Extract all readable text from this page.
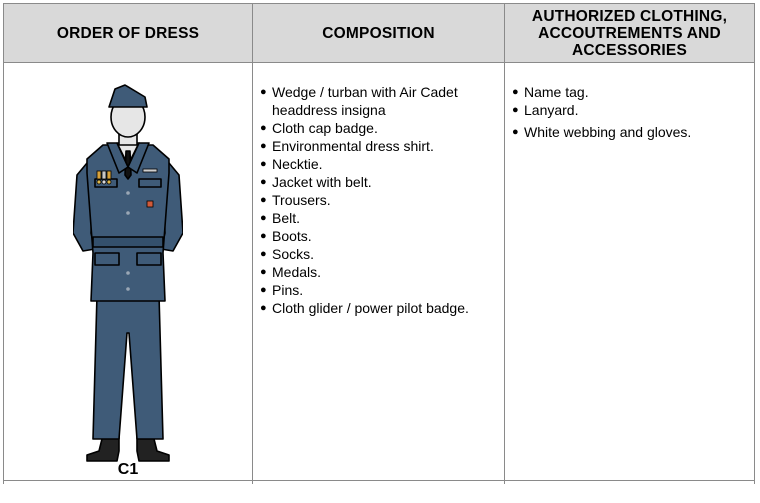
ORDER OF DRESS	COMPOSITION
AUTHORIZED CLOTHING, ACCOUTREMENTS AND ACCESSORIES
C1
● Wedge / turban with Air Cadet headdress insigna
● Cloth cap badge.
● Environmental dress shirt.
● Necktie.
● Jacket with belt.
● Trousers.
● Belt.
● Boots.
● Socks.
● Medals.
● Pins.
● Cloth glider / power pilot badge.
● Name tag.
● Lanyard.
● White webbing and gloves.
